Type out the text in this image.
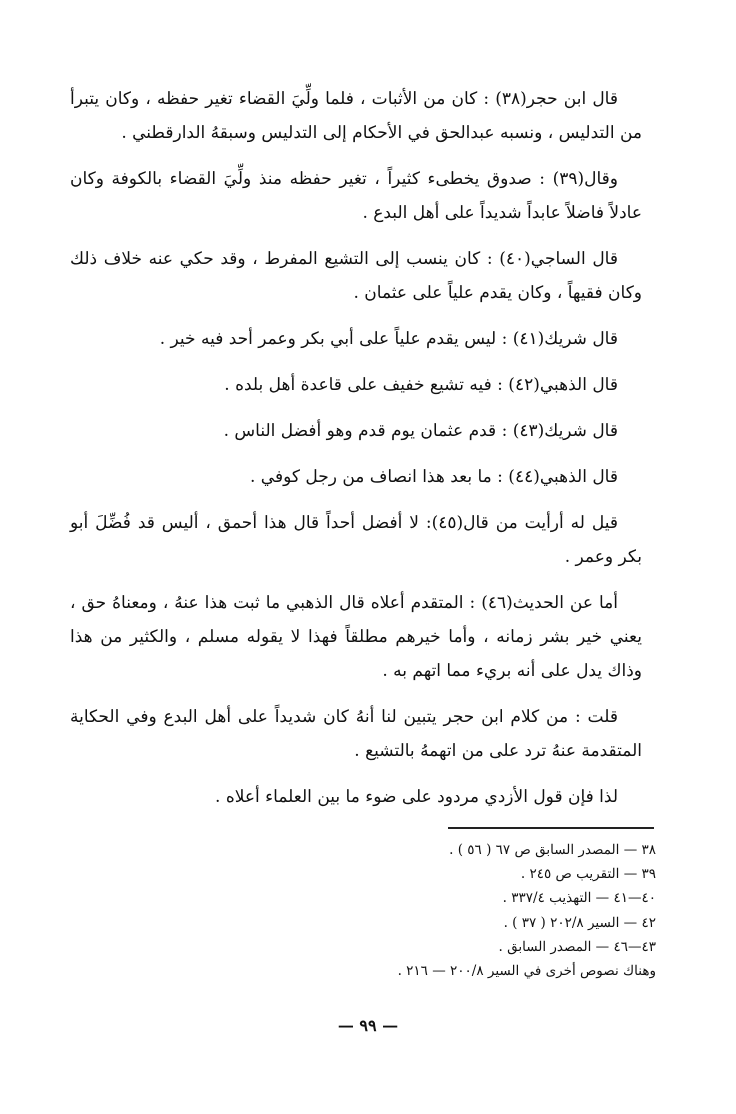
قال ابن حجر(٣٨) : كان من الأثبات ، فلما ولِّيَ القضاء تغير حفظه ، وكان يتبرأ من التدليس ، ونسبه عبدالحق في الأحكام إلى التدليس وسبقهُ الدارقطني .

وقال(٣٩) : صدوق يخطىء كثيراً ، تغير حفظه منذ ولِّيَ القضاء بالكوفة وكان عادلاً فاضلاً عابداً شديداً على أهل البدع .

قال الساجي(٤٠) : كان ينسب إلى التشيع المفرط ، وقد حكي عنه خلاف ذلك وكان فقيهاً ، وكان يقدم علياً على عثمان .

قال شريك(٤١) : ليس يقدم علياً على أبي بكر وعمر أحد فيه خير .

قال الذهبي(٤٢) : فيه تشيع خفيف على قاعدة أهل بلده .

قال شريك(٤٣) : قدم عثمان يوم قدم وهو أفضل الناس .

قال الذهبي(٤٤) : ما بعد هذا انصاف من رجل كوفي .

قيل له أرأيت من قال(٤٥): لا أفضل أحداً قال هذا أحمق ، أليس قد فُضِّلَ أبو بكر وعمر .

أما عن الحديث(٤٦) : المتقدم أعلاه قال الذهبي ما ثبت هذا عنهُ ، ومعناهُ حق ، يعني خير بشر زمانه ، وأما خيرهم مطلقاً فهذا لا يقوله مسلم ، والكثير من هذا وذاك يدل على أنه بريء مما اتهم به .

قلت : من كلام ابن حجر يتبين لنا أنهُ كان شديداً على أهل البدع وفي الحكاية المتقدمة عنهُ ترد على من اتهمهُ بالتشيع .

لذا فإن قول الأزدي مردود على ضوء ما بين العلماء أعلاه .

٣٨ — المصدر السابق ص ٦٧ ( ٥٦ ) .
٣٩ — التقريب ص ٢٤٥ .
٤٠—٤١ — التهذيب ٣٣٧/٤ .
٤٢ — السير ٢٠٢/٨ ( ٣٧ ) .
٤٣—٤٦ — المصدر السابق .
وهناك نصوص أخرى في السير ٢٠٠/٨ — ٢١٦ .
— ٩٩ —
